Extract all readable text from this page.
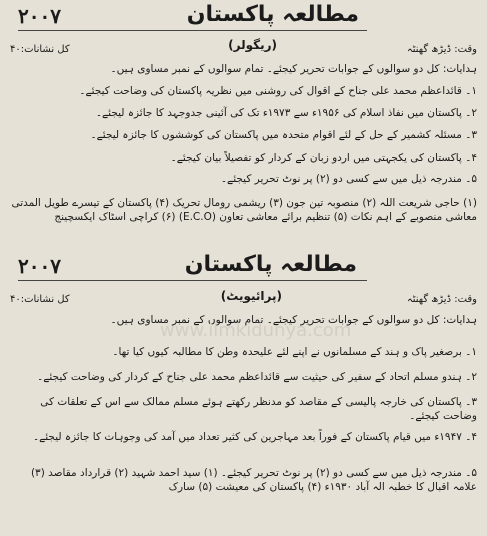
۲۰۰۷	مطالعہ پاکستان
(ریگولر)	وقت: ڈیڑھ گھنٹہ
کل نشانات:۴۰
ہدایات: کل دو سوالوں کے جوابات تحریر کیجئے۔ تمام سوالوں کے نمبر مساوی ہیں۔
۱۔ قائداعظم محمد علی جناح کے اقوال کی روشنی میں نظریہ پاکستان کی وضاحت کیجئے۔
۲۔ پاکستان میں نفاذ اسلام کی ۱۹۵۶ء سے ۱۹۷۳ء تک کی آئینی جدوجہد کا جائزہ لیجئے۔
۳۔ مسئلہ کشمیر کے حل کے لئے اقوام متحدہ میں پاکستان کی کوششوں کا جائزہ لیجئے۔
۴۔ پاکستان کی یکجہتی میں اردو زبان کے کردار کو تفصیلاً بیان کیجئے۔
۵۔ مندرجہ ذیل میں سے کسی دو (۲) پر نوٹ تحریر کیجئے۔
(۱) حاجی شریعت اللہ (۲) منصوبہ تین جون (۳) ریشمی رومال تحریک (۴) پاکستان کے تیسرے طویل المدتی معاشی منصوبے کے اہم نکات (۵) تنظیم برائے معاشی تعاون (E.C.O) (۶) کراچی اسٹاک ایکسچینج
۲۰۰۷	مطالعہ پاکستان
(پرائیویٹ)	وقت: ڈیڑھ گھنٹہ
کل نشانات:۴۰
ہدایات: کل دو سوالوں کے جوابات تحریر کیجئے۔ تمام سوالوں کے نمبر مساوی ہیں۔
۱۔ برصغیر پاک و ہند کے مسلمانوں نے اپنے لئے علیحدہ وطن کا مطالبہ کیوں کیا تھا۔
۲۔ ہندو مسلم اتحاد کے سفیر کی حیثیت سے قائداعظم محمد علی جناح کے کردار کی وضاحت کیجئے۔
۳۔ پاکستان کی خارجہ پالیسی کے مقاصد کو مدنظر رکھتے ہوئے مسلم ممالک سے اس کے تعلقات کی وضاحت کیجئے۔
۴۔ ۱۹۴۷ء میں قیام پاکستان کے فوراً بعد مہاجرین کی کثیر تعداد میں آمد کی وجوہات کا جائزہ لیجئے۔
۵۔ مندرجہ ذیل میں سے کسی دو (۲) پر نوٹ تحریر کیجئے۔ (۱) سید احمد شہید (۲) قرارداد مقاصد (۳) علامہ اقبال کا خطبہ الہ آباد ۱۹۳۰ء (۴) پاکستان کی معیشت (۵) سارک
www.ilmkidunya.com
